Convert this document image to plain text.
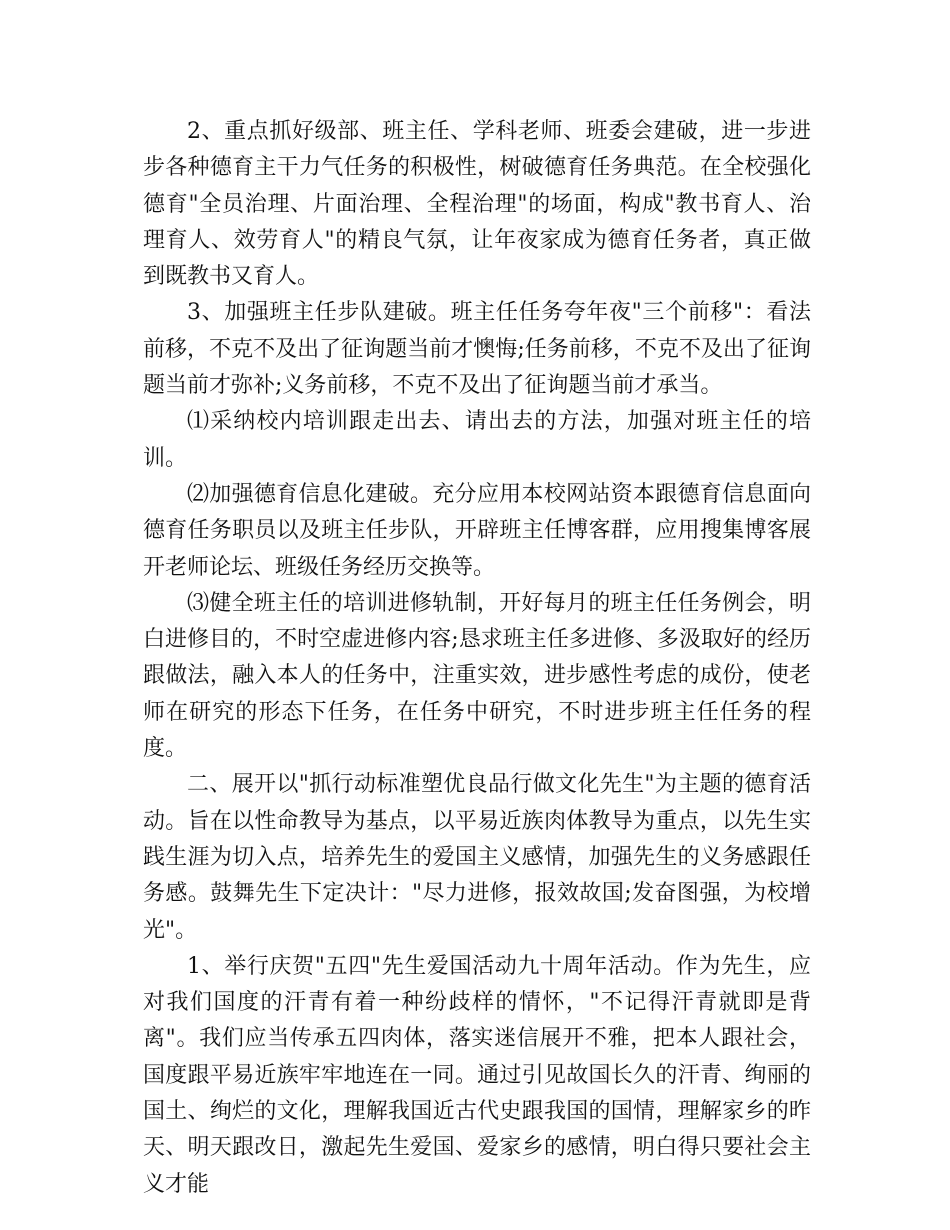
2、重点抓好级部、班主任、学科老师、班委会建破，进一步进步各种德育主干力气任务的积极性，树破德育任务典范。在全校强化德育"全员治理、片面治理、全程治理"的场面，构成"教书育人、治理育人、效劳育人"的精良气氛，让年夜家成为德育任务者，真正做到既教书又育人。

3、加强班主任步队建破。班主任任务夸年夜"三个前移"：看法前移，不克不及出了征询题当前才懊悔;任务前移，不克不及出了征询题当前才弥补;义务前移，不克不及出了征询题当前才承当。

⑴采纳校内培训跟走出去、请出去的方法，加强对班主任的培训。

⑵加强德育信息化建破。充分应用本校网站资本跟德育信息面向德育任务职员以及班主任步队，开辟班主任博客群，应用搜集博客展开老师论坛、班级任务经历交换等。

⑶健全班主任的培训进修轨制，开好每月的班主任任务例会，明白进修目的，不时空虚进修内容;恳求班主任多进修、多汲取好的经历跟做法，融入本人的任务中，注重实效，进步感性考虑的成份，使老师在研究的形态下任务，在任务中研究，不时进步班主任任务的程度。

二、展开以"抓行动标准塑优良品行做文化先生"为主题的德育活动。旨在以性命教导为基点，以平易近族肉体教导为重点，以先生实践生涯为切入点，培养先生的爱国主义感情，加强先生的义务感跟任务感。鼓舞先生下定决计："尽力进修，报效故国;发奋图强，为校增光"。

1、举行庆贺"五四"先生爱国活动九十周年活动。作为先生，应对我们国度的汗青有着一种纷歧样的情怀，"不记得汗青就即是背离"。我们应当传承五四肉体，落实迷信展开不雅，把本人跟社会，国度跟平易近族牢牢地连在一同。通过引见故国长久的汗青、绚丽的国土、绚烂的文化，理解我国近古代史跟我国的国情，理解家乡的昨天、明天跟改日，激起先生爱国、爱家乡的感情，明白得只要社会主义才能
